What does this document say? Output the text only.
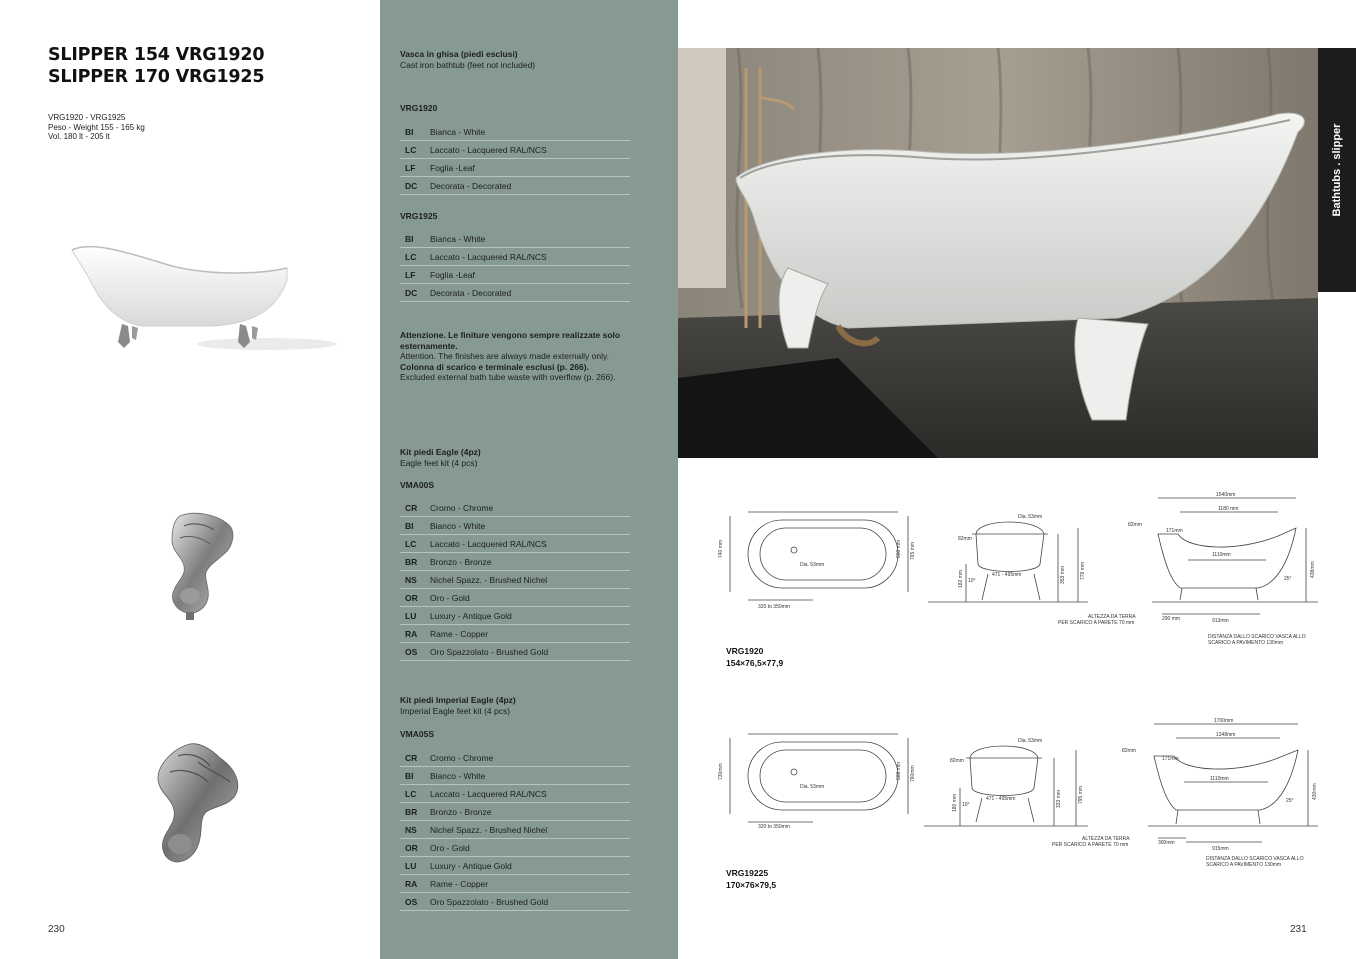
SLIPPER 154 VRG1920
SLIPPER 170 VRG1925
VRG1920 - VRG1925
Peso - Weight 155 - 165 kg
Vol. 180 lt - 205 lt
230
Vasca in ghisa (piedi esclusi)
Cast iron bathtub (feet not included)
VRG1920
BI	Bianca - White
LC	Laccato - Lacquered RAL/NCS
LF	Foglia -Leaf
DC	Decorata - Decorated
VRG1925
BI	Bianca - White
LC	Laccato - Lacquered RAL/NCS
LF	Foglia -Leaf
DC	Decorata - Decorated
Attenzione. Le finiture vengono sempre realizzate solo esternamente.
Attention. The finishes are always made externally only.
Colonna di scarico e terminale esclusi (p. 266).
Excluded external bath tube waste with overflow (p. 266).
Kit piedi Eagle (4pz)
Eagle feet kit (4 pcs)
VMA00S
CR	Cromo - Chrome
BI	Bianco - White
LC	Laccato - Lacquered RAL/NCS
BR	Bronzo - Bronze
NS	Nichel Spazz. - Brushed Nichel
OR	Oro - Gold
LU	Luxury - Antique Gold
RA	Rame - Copper
OS	Oro Spazzolato - Brushed Gold
Kit piedi Imperial Eagle (4pz)
Imperial Eagle feet kit (4 pcs)
VMA05S
CR	Cromo - Chrome
BI	Bianco - White
LC	Laccato - Lacquered RAL/NCS
BR	Bronzo - Bronze
NS	Nichel Spazz. - Brushed Nichel
OR	Oro - Gold
LU	Luxury - Antique Gold
RA	Rame - Copper
OS	Oro Spazzolato - Brushed Gold
Bathtubs . slipper
740 mm	600 mm 765 mm
Dia. 53mm
320 to 350mm
82mm
Dia. 53mm
471 - 495mm
182 mm	353 mm	779 mm
10°
1540mm
1180 mm
82mm
171mm
1110mm
438mm
25°
290 mm	913mm
ALTEZZA DA TERRA
PER SCARICO A PARETE 70 mm
DISTANZA DALLO SCARICO VASCA ALLO
SCARICO A PAVIMENTO 130mm
VRG1920
154×76,5×77,9
730mm	608 mm 760mm
Dia. 53mm
320 to 350mm
82mm
Dia. 53mm
471 - 495mm
180 mm	333 mm	795 mm
10°
1700mm
1348mm
82mm
171mm
1110mm
430mm
25°
300mm
915mm
ALTEZZA DA TERRA
PER SCARICO A PARETE 70 mm
DISTANZA DALLO SCARICO VASCA ALLO
SCARICO A PAVIMENTO 130mm
VRG19225
170×76×79,5
231
